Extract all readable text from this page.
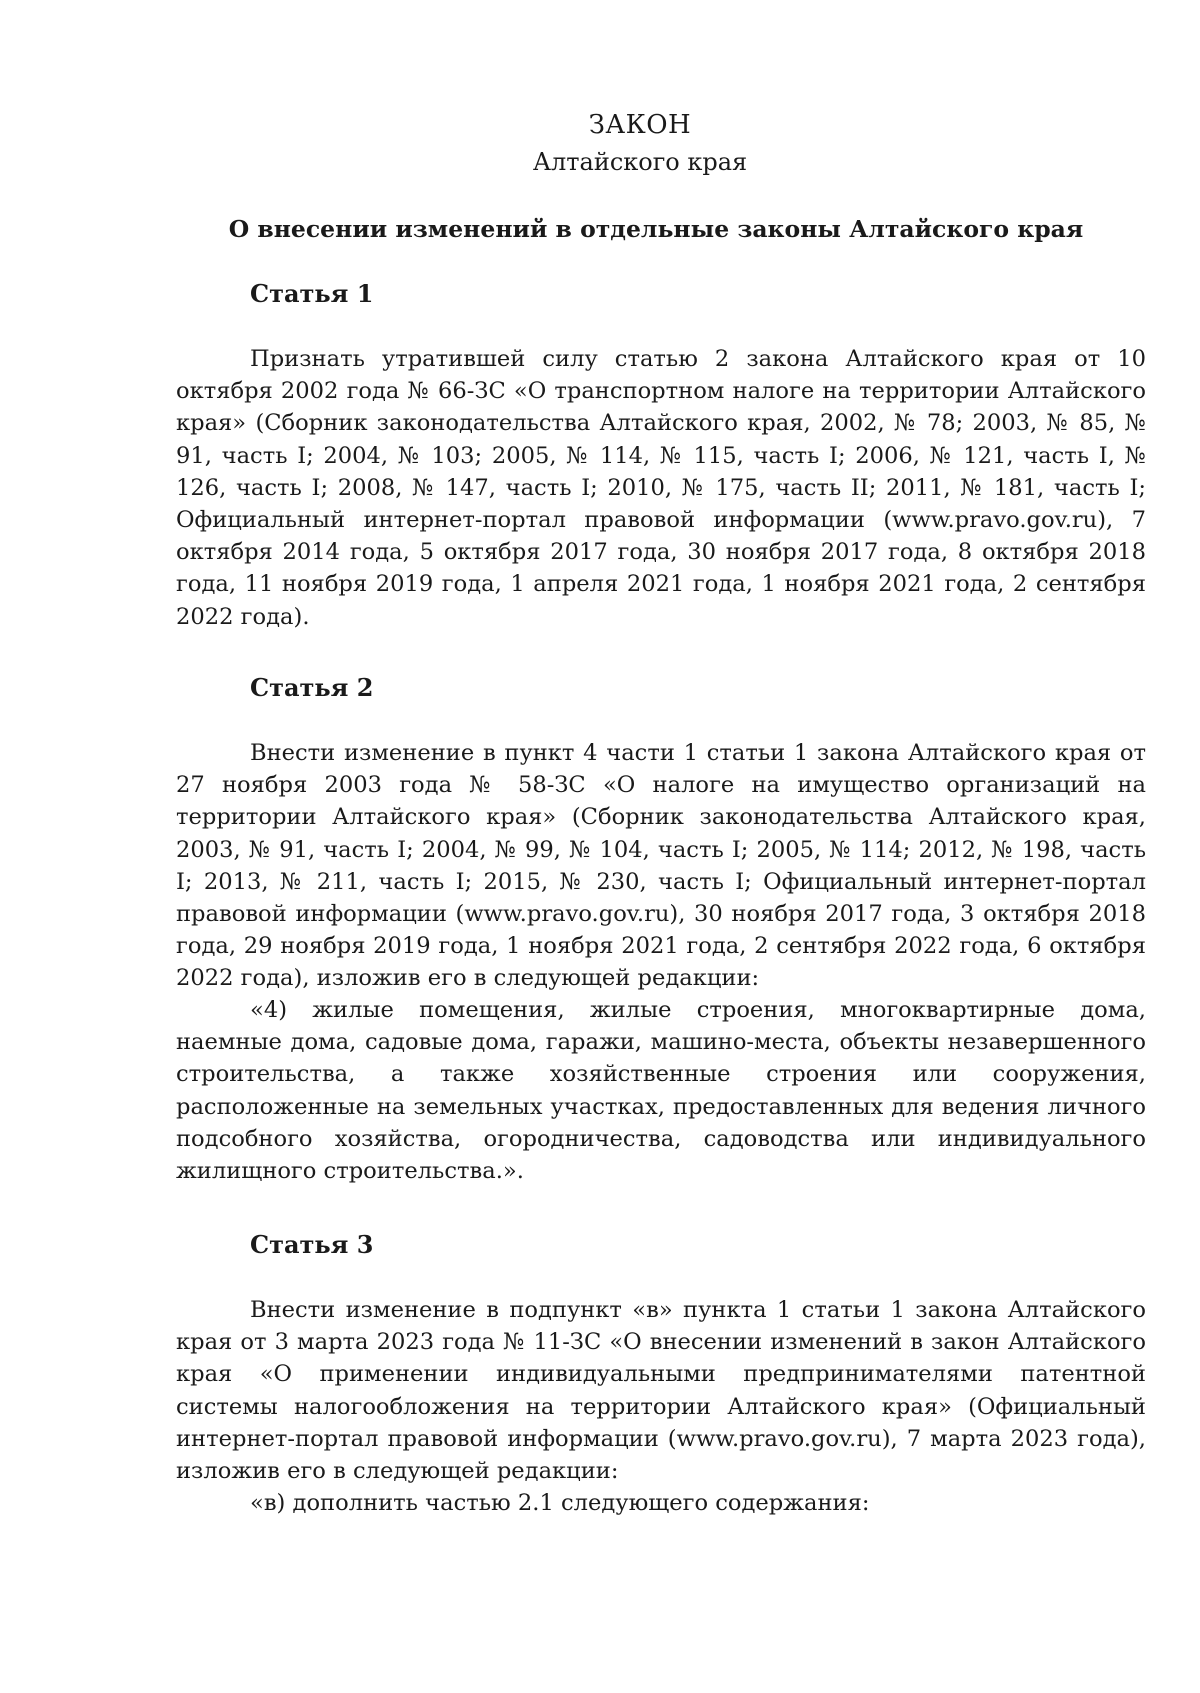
ЗАКОН
Алтайского края
О внесении изменений в отдельные законы Алтайского края
Статья 1

Признать утратившей силу статью 2 закона Алтайского края от 10 октября 2002 года № 66-ЗС «О транспортном налоге на территории Алтайского края» (Сборник законодательства Алтайского края, 2002, № 78; 2003, № 85, № 91, часть I; 2004, № 103; 2005, № 114, № 115, часть I; 2006, № 121, часть I, № 126, часть I; 2008, № 147, часть I; 2010, № 175, часть II; 2011, № 181, часть I; Официальный интернет-портал правовой информации (www.pravo.gov.ru), 7 октября 2014 года, 5 октября 2017 года, 30 ноября 2017 года, 8 октября 2018 года, 11 ноября 2019 года, 1 апреля 2021 года, 1 ноября 2021 года, 2 сентября 2022 года).

Статья 2

Внести изменение в пункт 4 части 1 статьи 1 закона Алтайского края от 27 ноября 2003 года № 58-ЗС «О налоге на имущество организаций на территории Алтайского края» (Сборник законодательства Алтайского края, 2003, № 91, часть I; 2004, № 99, № 104, часть I; 2005, № 114; 2012, № 198, часть I; 2013, № 211, часть I; 2015, № 230, часть I; Официальный интернет-портал правовой информации (www.pravo.gov.ru), 30 ноября 2017 года, 3 октября 2018 года, 29 ноября 2019 года, 1 ноября 2021 года, 2 сентября 2022 года, 6 октября 2022 года), изложив его в следующей редакции:

«4) жилые помещения, жилые строения, многоквартирные дома, наемные дома, садовые дома, гаражи, машино-места, объекты незавершенного строительства, а также хозяйственные строения или сооружения, расположенные на земельных участках, предоставленных для ведения личного подсобного хозяйства, огородничества, садоводства или индивидуального жилищного строительства.».

Статья 3

Внести изменение в подпункт «в» пункта 1 статьи 1 закона Алтайского края от 3 марта 2023 года № 11-ЗС «О внесении изменений в закон Алтайского края «О применении индивидуальными предпринимателями патентной системы налогообложения на территории Алтайского края» (Официальный интернет-портал правовой информации (www.pravo.gov.ru), 7 марта 2023 года), изложив его в следующей редакции:

«в) дополнить частью 2.1 следующего содержания:
